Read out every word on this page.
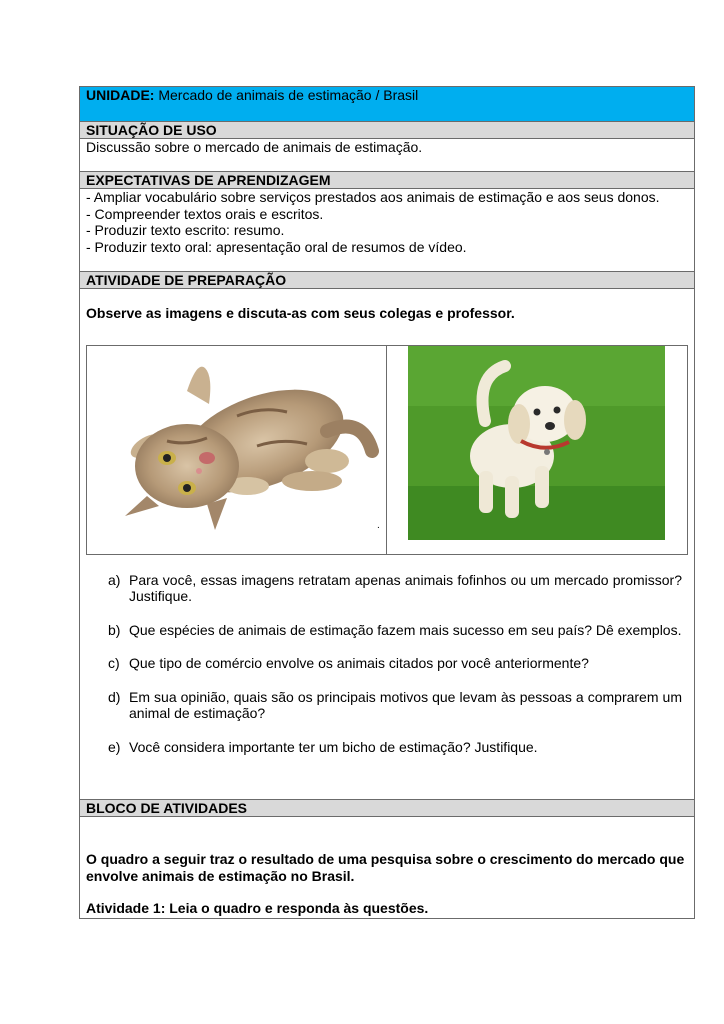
UNIDADE: Mercado de animais de estimação / Brasil
SITUAÇÃO DE USO
Discussão sobre o mercado de animais de estimação.
EXPECTATIVAS DE APRENDIZAGEM
- Ampliar vocabulário sobre serviços prestados aos animais de estimação e aos seus donos.
- Compreender textos orais e escritos.
- Produzir texto escrito: resumo.
- Produzir texto oral: apresentação oral de resumos de vídeo.
ATIVIDADE DE PREPARAÇÃO
Observe as imagens e discuta-as com seus colegas e professor.
.
a) Para você, essas imagens retratam apenas animais fofinhos ou um mercado promissor? Justifique.
b) Que espécies de animais de estimação fazem mais sucesso em seu país? Dê exemplos.
c) Que tipo de comércio envolve os animais citados por você anteriormente?
d) Em sua opinião, quais são os principais motivos que levam às pessoas a comprarem um animal de estimação?
e) Você considera importante ter um bicho de estimação? Justifique.
BLOCO DE ATIVIDADES
O quadro a seguir traz o resultado de uma pesquisa sobre o crescimento do mercado que envolve animais de estimação no Brasil.
Atividade 1: Leia o quadro e responda às questões.
